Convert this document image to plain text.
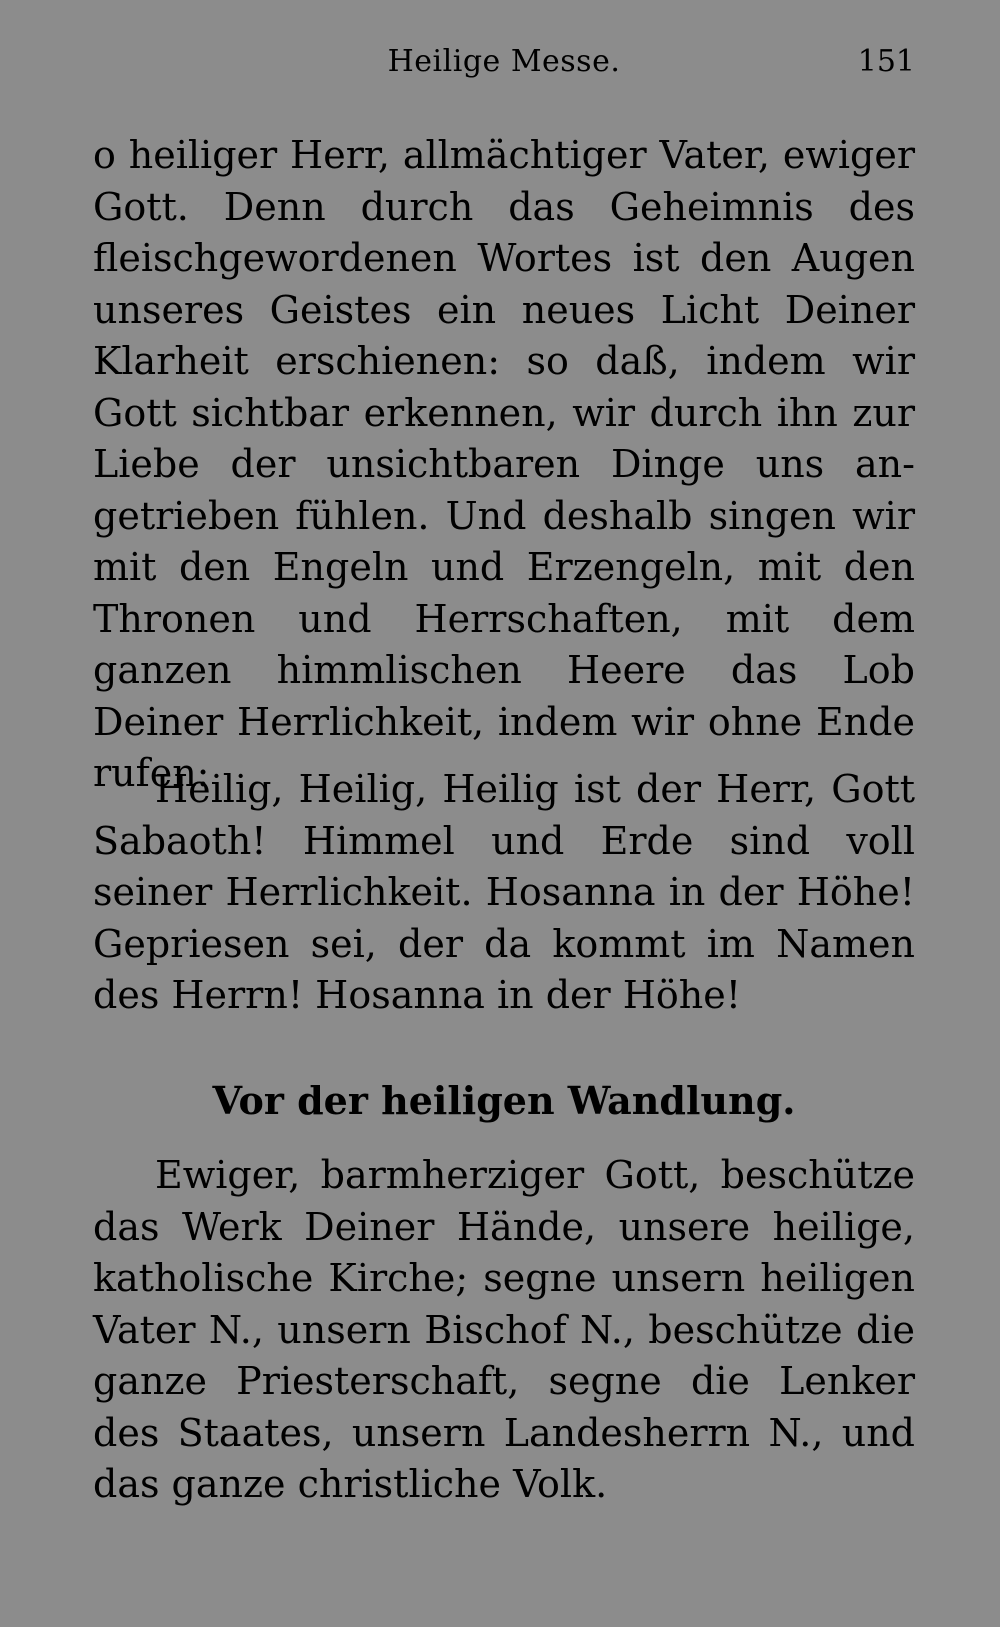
Heilige Messe.	151

o heiliger Herr, allmächtiger Vater, ewiger Gott. Denn durch das Geheimnis des fleischgewordenen Wortes ist den Augen unseres Geistes ein neues Licht Deiner Klarheit erschienen: so daß, indem wir Gott sichtbar erkennen, wir durch ihn zur Liebe der unsichtbaren Dinge uns angetrieben fühlen. Und deshalb singen wir mit den Engeln und Erzengeln, mit den Thronen und Herrschaften, mit dem ganzen himmlischen Heere das Lob Deiner Herrlichkeit, indem wir ohne Ende rufen:

Heilig, Heilig, Heilig ist der Herr, Gott Sabaoth! Himmel und Erde sind voll seiner Herrlichkeit. Hosanna in der Höhe! Gepriesen sei, der da kommt im Namen des Herrn! Hosanna in der Höhe!

Vor der heiligen Wandlung.

Ewiger, barmherziger Gott, beschütze das Werk Deiner Hände, unsere heilige, katholische Kirche; segne unsern heiligen Vater N., unsern Bischof N., beschütze die ganze Priesterschaft, segne die Lenker des Staates, unsern Landesherrn N., und das ganze christliche Volk.
